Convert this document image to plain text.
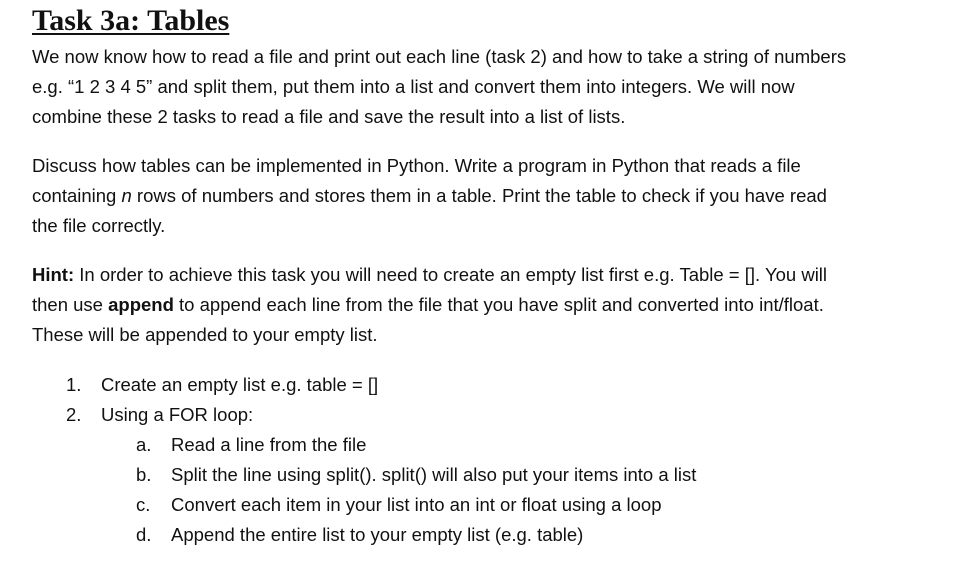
Task 3a: Tables

We now know how to read a file and print out each line (task 2) and how to take a string of numbers
e.g. “1 2 3 4 5” and split them, put them into a list and convert them into integers. We will now
combine these 2 tasks to read a file and save the result into a list of lists.

Discuss how tables can be implemented in Python. Write a program in Python that reads a file
containing n rows of numbers and stores them in a table. Print the table to check if you have read
the file correctly.

Hint: In order to achieve this task you will need to create an empty list first e.g. Table = []. You will
then use append to append each line from the file that you have split and converted into int/float.
These will be appended to your empty list.

1. Create an empty list e.g. table = []
2. Using a FOR loop:
a. Read a line from the file
b. Split the line using split(). split() will also put your items into a list
c. Convert each item in your list into an int or float using a loop
d. Append the entire list to your empty list (e.g. table)
